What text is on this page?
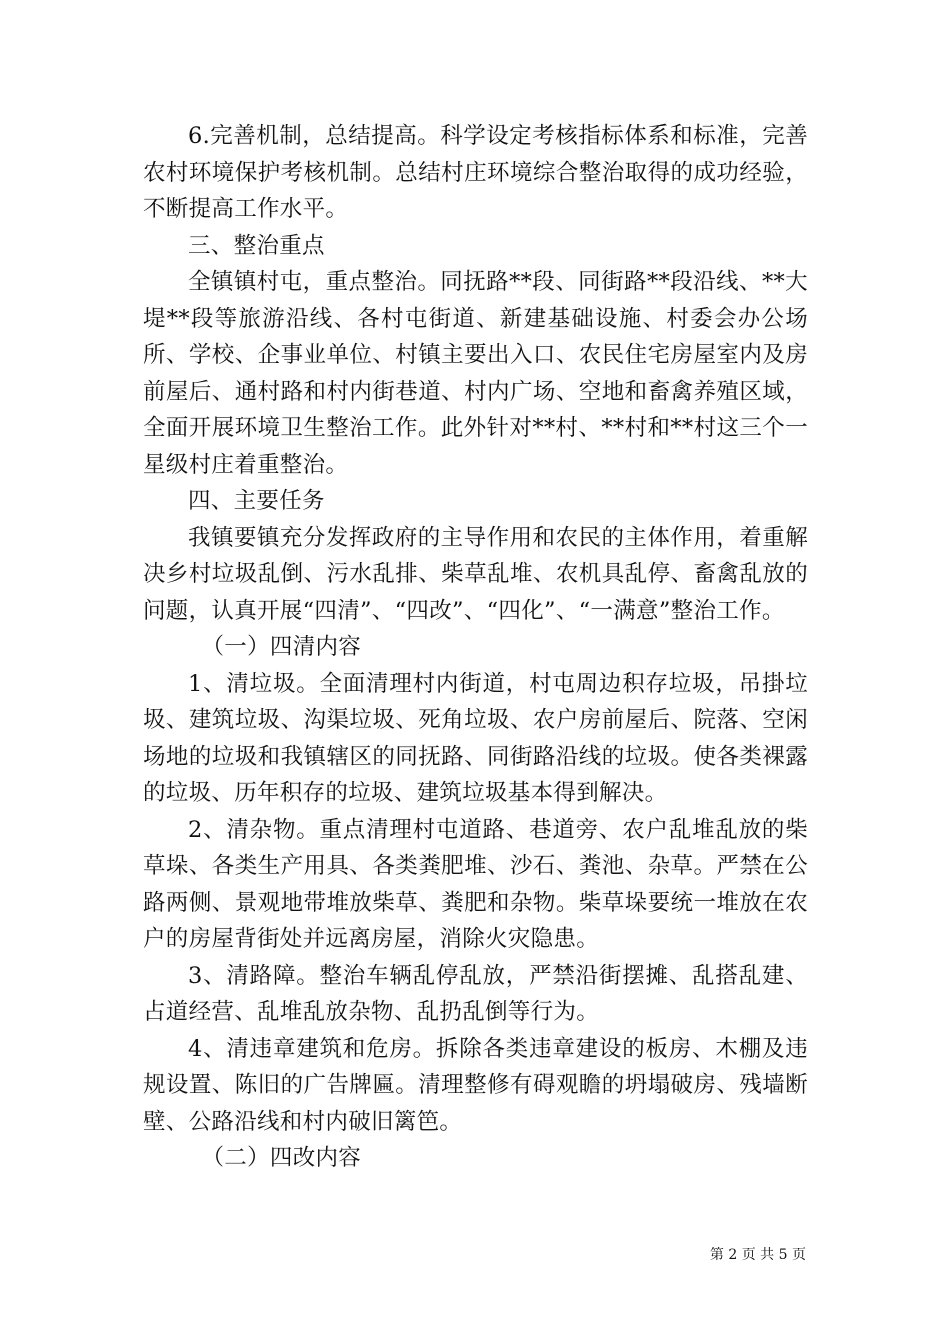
6.完善机制，总结提高。科学设定考核指标体系和标准，完善农村环境保护考核机制。总结村庄环境综合整治取得的成功经验，不断提高工作水平。

三、整治重点

全镇镇村屯，重点整治。同抚路**段、同街路**段沿线、**大堤**段等旅游沿线、各村屯街道、新建基础设施、村委会办公场所、学校、企事业单位、村镇主要出入口、农民住宅房屋室内及房前屋后、通村路和村内街巷道、村内广场、空地和畜禽养殖区域，全面开展环境卫生整治工作。此外针对**村、**村和**村这三个一星级村庄着重整治。

四、主要任务

我镇要镇充分发挥政府的主导作用和农民的主体作用，着重解决乡村垃圾乱倒、污水乱排、柴草乱堆、农机具乱停、畜禽乱放的问题，认真开展“四清”、“四改”、“四化”、“一满意”整治工作。

（一）四清内容

1、清垃圾。全面清理村内街道，村屯周边积存垃圾，吊掛垃圾、建筑垃圾、沟渠垃圾、死角垃圾、农户房前屋后、院落、空闲场地的垃圾和我镇辖区的同抚路、同街路沿线的垃圾。使各类裸露的垃圾、历年积存的垃圾、建筑垃圾基本得到解决。

2、清杂物。重点清理村屯道路、巷道旁、农户乱堆乱放的柴草垛、各类生产用具、各类粪肥堆、沙石、粪池、杂草。严禁在公路两侧、景观地带堆放柴草、粪肥和杂物。柴草垛要统一堆放在农户的房屋背街处并远离房屋，消除火灾隐患。

3、清路障。整治车辆乱停乱放，严禁沿街摆摊、乱搭乱建、占道经营、乱堆乱放杂物、乱扔乱倒等行为。

4、清违章建筑和危房。拆除各类违章建设的板房、木棚及违规设置、陈旧的广告牌匾。清理整修有碍观瞻的坍塌破房、残墙断壁、公路沿线和村内破旧篱笆。

（二）四改内容

第 2 页 共 5 页
